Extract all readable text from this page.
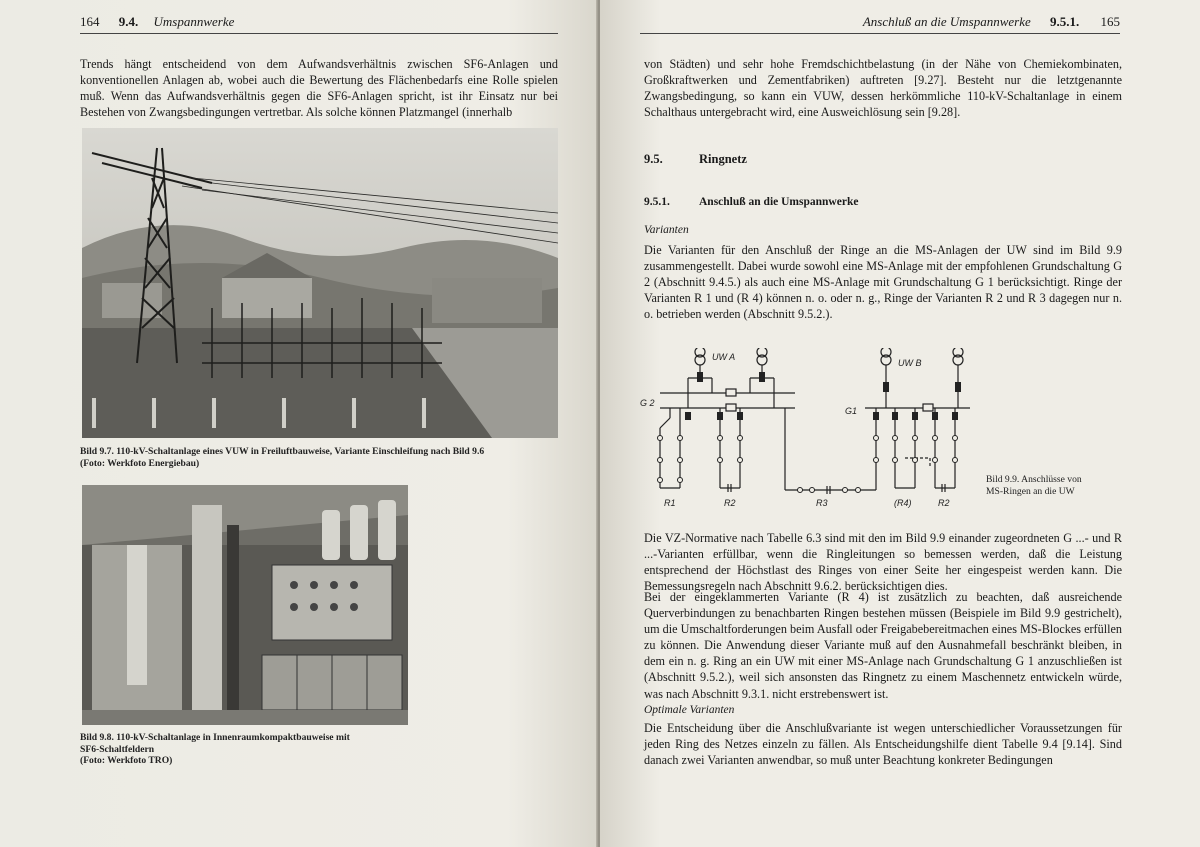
164 9.4. Umspannwerke

Trends hängt entscheidend von dem Aufwandsverhältnis zwischen SF6-Anlagen und konventionellen Anlagen ab, wobei auch die Bewertung des Flächenbedarfs eine Rolle spielen muß. Wenn das Aufwandsverhältnis gegen die SF6-Anlagen spricht, ist ihr Einsatz nur bei Bestehen von Zwangsbedingungen vertretbar. Als solche können Platzmangel (innerhalb

Bild 9.7. 110-kV-Schaltanlage eines VUW in Freiluftbauweise, Variante Einschleifung nach Bild 9.6
(Foto: Werkfoto Energiebau)

Bild 9.8. 110-kV-Schaltanlage in Innenraumkompaktbauweise mit
SF6-Schaltfeldern
(Foto: Werkfoto TRO)

Anschluß an die Umspannwerke 9.5.1. 165

von Städten) und sehr hohe Fremdschichtbelastung (in der Nähe von Chemiekombinaten, Großkraftwerken und Zementfabriken) auftreten [9.27]. Besteht nur die letztgenannte Zwangsbedingung, so kann ein VUW, dessen herkömmliche 110-kV-Schaltanlage in einem Schalthaus untergebracht wird, eine Ausweichlösung sein [9.28].

9.5.	Ringnetz
9.5.1.	Anschluß an die Umspannwerke
Varianten

Die Varianten für den Anschluß der Ringe an die MS-Anlagen der UW sind im Bild 9.9 zusammengestellt. Dabei wurde sowohl eine MS-Anlage mit der empfohlenen Grundschaltung G 2 (Abschnitt 9.4.5.) als auch eine MS-Anlage mit Grundschaltung G 1 berücksichtigt. Ringe der Varianten R 1 und (R 4) können n. o. oder n. g., Ringe der Varianten R 2 und R 3 dagegen nur n. o. betrieben werden (Abschnitt 9.5.2.).

UW A
UW B
G 2
G1
R1	R2	R3	(R4)	R2
Bild 9.9. Anschlüsse von
MS-Ringen an die UW

Die VZ-Normative nach Tabelle 6.3 sind mit den im Bild 9.9 einander zugeordneten G ...- und R ...-Varianten erfüllbar, wenn die Ringleitungen so bemessen werden, daß die Leistung entsprechend der Höchstlast des Ringes von einer Seite her eingespeist werden kann. Die Bemessungsregeln nach Abschnitt 9.6.2. berücksichtigen dies.

Bei der eingeklammerten Variante (R 4) ist zusätzlich zu beachten, daß ausreichende Querverbindungen zu benachbarten Ringen bestehen müssen (Beispiele im Bild 9.9 gestrichelt), um die Umschaltforderungen beim Ausfall oder Freigabebereitmachen eines MS-Blockes erfüllen zu können. Die Anwendung dieser Variante muß auf den Ausnahmefall beschränkt bleiben, in dem ein n. g. Ring an ein UW mit einer MS-Anlage nach Grundschaltung G 1 anzuschließen ist (Abschnitt 9.5.2.), weil sich ansonsten das Ringnetz zu einem Maschennetz entwickeln würde, was nach Abschnitt 9.3.1. nicht erstrebenswert ist.

Optimale Varianten

Die Entscheidung über die Anschlußvariante ist wegen unterschiedlicher Voraussetzungen für jeden Ring des Netzes einzeln zu fällen. Als Entscheidungshilfe dient Tabelle 9.4 [9.14]. Sind danach zwei Varianten anwendbar, so muß unter Beachtung konkreter Bedingungen
